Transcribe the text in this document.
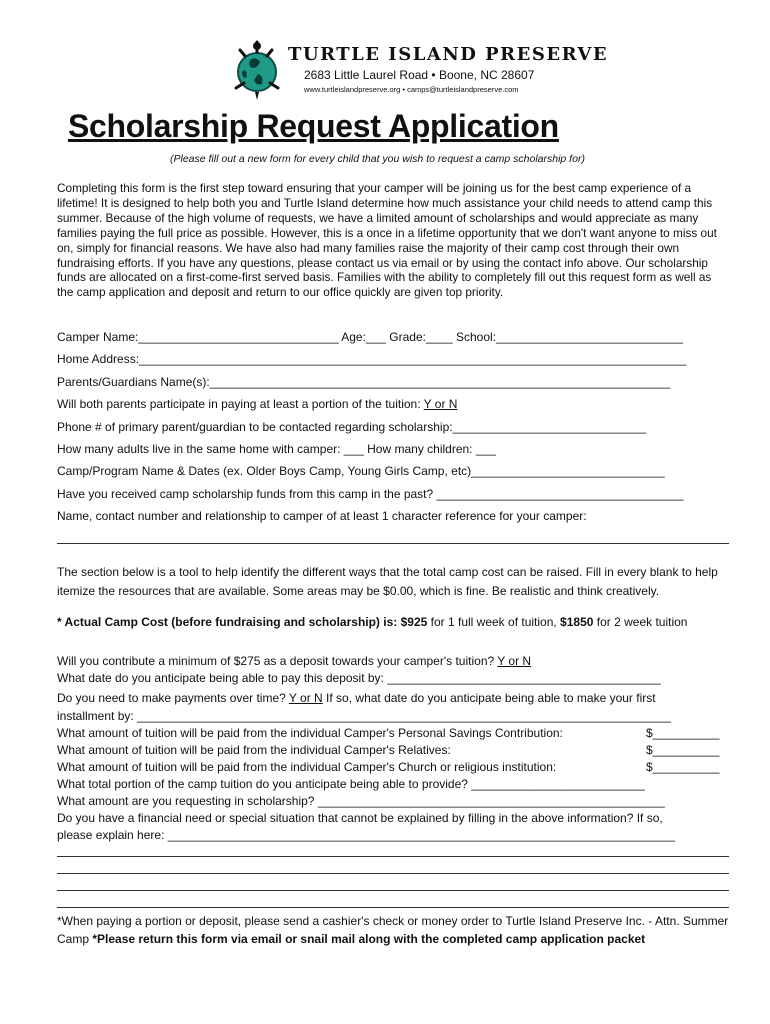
TURTLE ISLAND PRESERVE
2683 Little Laurel Road • Boone, NC 28607
www.turtleislandpreserve.org • camps@turtleislandpreserve.com
Scholarship Request Application
(Please fill out a new form for every child that you wish to request a camp scholarship for)
Completing this form is the first step toward ensuring that your camper will be joining us for the best camp experience of a lifetime! It is designed to help both you and Turtle Island determine how much assistance your child needs to attend camp this summer. Because of the high volume of requests, we have a limited amount of scholarships and would appreciate as many families paying the full price as possible. However, this is a once in a lifetime opportunity that we don't want anyone to miss out on, simply for financial reasons. We have also had many families raise the majority of their camp cost through their own fundraising efforts. If you have any questions, please contact us via email or by using the contact info above. Our scholarship funds are allocated on a first-come-first served basis. Families with the ability to completely fill out this request form as well as the camp application and deposit and return to our office quickly are given top priority.
Camper Name:______________________________ Age:___ Grade:____ School:____________________________
Home Address:__________________________________________________________________________________
Parents/Guardians Name(s):_____________________________________________________________________
Will both parents participate in paying at least a portion of the tuition: Y or N
Phone # of primary parent/guardian to be contacted regarding scholarship:_____________________________
How many adults live in the same home with camper: ___ How many children: ___
Camp/Program Name & Dates (ex. Older Boys Camp, Young Girls Camp, etc)_____________________________
Have you received camp scholarship funds from this camp in the past? _____________________________________
Name, contact number and relationship to camper of at least 1 character reference for your camper:
The section below is a tool to help identify the different ways that the total camp cost can be raised. Fill in every blank to help itemize the resources that are available. Some areas may be $0.00, which is fine. Be realistic and think creatively.
* Actual Camp Cost (before fundraising and scholarship) is: $925 for 1 full week of tuition, $1850 for 2 week tuition
Will you contribute a minimum of $275 as a deposit towards your camper's tuition? Y or N
What date do you anticipate being able to pay this deposit by: _________________________________________
Do you need to make payments over time? Y or N If so, what date do you anticipate being able to make your first
installment by: ________________________________________________________________________________
What amount of tuition will be paid from the individual Camper's Personal Savings Contribution:	$__________
What amount of tuition will be paid from the individual Camper's Relatives:	$__________
What amount of tuition will be paid from the individual Camper's Church or religious institution:	$__________
What total portion of the camp tuition do you anticipate being able to provide? __________________________
What amount are you requesting in scholarship? ____________________________________________________
Do you have a financial need or special situation that cannot be explained by filling in the above information? If so,
please explain here: ____________________________________________________________________________
*When paying a portion or deposit, please send a cashier's check or money order to Turtle Island Preserve Inc. - Attn. Summer Camp *Please return this form via email or snail mail along with the completed camp application packet
